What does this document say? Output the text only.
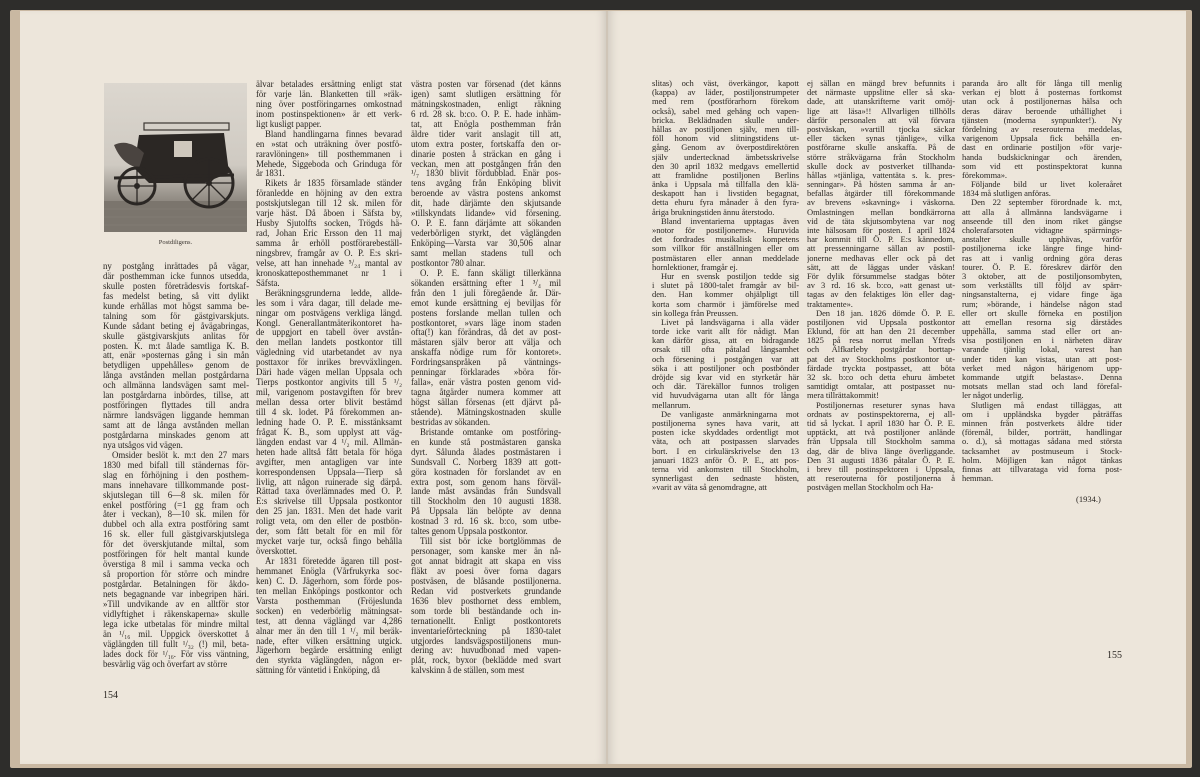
Postdiligens.
154
155
(1934.)
ny postgång inrättades på vägar,
där posthemman icke funnos utsedda,
skulle posten företrädesvis fortskaf-
fas medelst beting, så vitt dylikt
kunde erhållas mot högst samma be-
talning som för gästgivarskjuts.
Kunde sådant beting ej åvägabringas,
skulle gästgivarskjuts anlitas för
posten. K. m:t ålade samtliga K. B.
att, enär »posternas gång i sin mån
betydligen uppehålles» genom de
långa avstånden mellan postgårdarna
och allmänna landsvägen samt mel-
lan postgårdarna inbördes, tillse, att
postföringen flyttades till andra
närmre landsvägen liggande hemman
samt att de långa avstånden mellan
postgårdarna minskades genom att
nya utsågos vid vägen.
Omsider beslöt k. m:t den 27 mars
1830 med bifall till ständernas för-
slag en förhöjning i den posthem-
mans innehavare tillkommande post-
skjutslegan till 6—8 sk. milen för
enkel postföring (=1 gg fram och
åter i veckan), 8—10 sk. milen för
dubbel och alla extra postföring samt
16 sk. eller full gästgivarskjutslega
för det överskjutande miltal, som
postföringen för helt mantal kunde
överstiga 8 mil i samma vecka och
så proportion för större och mindre
postgårdar. Betalningen för åkdo-
nets begagnande var inbegripen häri.
»Till undvikande av en alltför stor
vidlyftighet i räkenskaperna» skulle
lega icke utbetalas för mindre miltal
än ¹/₁₆ mil. Uppgick överskottet å
väglängden till fullt ¹/₃₂ (!) mil, beta-
lades dock för ¹/₁₆. För viss väntning,
besvärlig väg och överfart av större
älvar betalades ersättning enligt stat
för varje län. Blanketten till »räk-
ning över postföringarnes omkostnad
inom postinspektionen» är ett verk-
ligt kusligt papper.
Bland handlingarna finnes bevarad
en »stat och uträkning över postfö-
raravlöningen» till posthemmanen i
Mehede, Siggeboda och Grinduga för
år 1831.
Rikets år 1835 församlade ständer
föranledde en höjning av den extra
postskjutslegan till 12 sk. milen för
varje häst. Då åboen i Säfsta by,
Husby Sjutolfts socken, Trögds hä-
rad, Johan Eric Ersson den 11 maj
samma år erhöll postförarebeställ-
ningsbrev, framgår av Ö. P. E:s skri-
velse, att han innehade ⁵/₂₄ mantal av
kronoskatteposthemmanet nr 1 i
Säfsta.
Beräkningsgrunderna ledde, allde-
les som i våra dagar, till delade me-
ningar om postvägens verkliga längd.
Kongl. Generallantmäterikontoret ha-
de uppgjort en tabell över avstån-
den mellan landets postkontor till
vägledning vid utarbetandet av nya
posttaxor för inrikes brevväxlingen.
Däri hade vägen mellan Uppsala och
Tierps postkontor angivits till 5 ¹/₂
mil, varigenom postavgiften för brev
mellan dessa orter blivit bestämd
till 4 sk. lodet. På förekommen an-
ledning hade Ö. P. E. misstänksamt
frågat K. B., som upplyst att väg-
längden endast var 4 ¹/₂ mil. Allmän-
heten hade alltså fått betala för höga
avgifter, men antagligen var inte
korrespondensen Uppsala—Tierp så
livlig, att någon ruinerade sig därpå.
Rättad taxa överlämnades med Ö. P.
E:s skrivelse till Uppsala postkontor
den 25 jan. 1831. Men det hade varit
roligt veta, om den eller de postbön-
der, som fått betalt för en mil för
mycket varje tur, också fingo behålla
överskottet.
År 1831 företedde ägaren till post-
hemmanet Enögla (Vårfrukyrka soc-
ken) C. D. Jägerhorn, som förde pos-
ten mellan Enköpings postkontor och
Varsta posthemman (Fröjeslunda
socken) en vederbörlig mätningsat-
test, att denna väglängd var 4,286
alnar mer än den till 1 ¹/₂ mil beräk-
nade, efter vilken ersättning utgick.
Jägerhorn begärde ersättning enligt
den styrkta väglängden, någon er-
sättning för väntetid i Enköping, då
västra posten var försenad (det känns
igen) samt slutligen ersättning för
mätningskostnaden, enligt räkning
6 rd. 28 sk. b:co. Ö. P. E. hade inhäm-
tat, att Enögla posthemman från
äldre tider varit anslagit till att,
utom extra poster, fortskaffa den or-
dinarie posten å sträckan en gång i
veckan, men att postgången från den
¹/₇ 1830 blivit fördubblad. Enär pos-
tens avgång från Enköping blivit
beroende av västra postens ankomst
dit, hade därjämte den skjutsande
»tillskyndats lidande» vid försening.
Ö. P. E. fann därjämte att sökanden
vederbörligen styrkt, det väglängden
Enköping—Varsta var 30,506 alnar
samt mellan stadens tull och
postkontor 780 alnar.
Ö. P. E. fann skäligt tillerkänna
sökanden ersättning efter 1 ³/₄ mil
från den 1 juli föregående år. Där-
emot kunde ersättning ej beviljas för
postens forslande mellan tullen och
postkontoret, »vars läge inom staden
ofta(!) kan förändras, då det av post-
mästaren själv beror att välja och
anskaffa nödige rum för kontoret».
Fordringsanspråken på väntnings-
penningar förklarades »böra för-
falla», enär västra posten genom vid-
tagna åtgärder numera kommer att
högst sällan försenas (ett djärvt på-
stående). Mätningskostnaden skulle
bestridas av sökanden.
Bristande omtanke om postföring-
en kunde stå postmästaren ganska
dyrt. Sålunda ålades postmästaren i
Sundsvall C. Norberg 1839 att gott-
göra kostnaden för forslandet av en
extra post, som genom hans förväl-
lande måst avsändas från Sundsvall
till Stockholm den 10 augusti 1838.
På Uppsala län belöpte av denna
kostnad 3 rd. 16 sk. b:co, som utbe-
taltes genom Uppsala postkontor.
Till sist bör icke bortglömmas de
personager, som kanske mer än nå-
got annat bidragit att skapa en viss
fläkt av poesi över forna dagars
postväsen, de blåsande postiljonerna.
Redan vid postverkets grundande
1636 blev posthornet dess emblem,
som torde bli beständande och in-
ternationellt. Enligt postkontorets
inventarieförteckning på 1830-talet
utgjordes landsvägspostiljonens mun-
dering av: huvudbonad med vapen-
plåt, rock, byxor (beklädde med svart
kalvskinn å de ställen, som mest
slitas) och väst, överkängor, kapott
(kappa) av läder, postiljonstrumpeter
med rem (postförarhorn förekom
också), sabel med gehäng och vapen-
bricka. Beklädnaden skulle under-
hållas av postiljonen själv, men till-
föll honom vid slitningstidens ut-
gång. Genom av överpostdirektören
själv undertecknad ämbetsskrivelse
den 30 april 1832 medgavs emellertid
att framlidne postiljonen Berlins
änka i Uppsala må tillfalla den klä-
deskapott han i livstiden begagnat,
detta ehuru fyra månader å den fyra-
åriga brukningstiden ännu återstodo.
Bland inventarierna upptagas även
»notor för postiljonerne». Huruvida
det fordrades musikalisk kompetens
som villkor för anställningen eller om
postmästaren eller annan meddelade
hornlektioner, framgår ej.
Hur en svensk postiljon tedde sig
i slutet på 1800-talet framgår av bil-
den. Han kommer ohjälpligt till
korta som charmör i jämförelse med
sin kollega från Preussen.
Livet på landsvägarna i alla väder
torde icke varit allt för nådigt. Man
kan därför gissa, att en bidragande
orsak till ofta påtalad långsamhet
och försening i postgången var att
söka i att postiljoner och postbönder
dröjde sig kvar vid en styrketår här
och där. Tärekällor funnos troligen
vid huvudvägarna utan allt för långa
mellanrum.
De vanligaste anmärkningarna mot
postiljonerna synes hava varit, att
posten icke skyddades ordentligt mot
väta, och att postpassen slarvades
bort. I en cirkulärskrivelse den 13
januari 1823 anför Ö. P. E., att pos-
terna vid ankomsten till Stockholm,
synnerligast den sednaste hösten,
»varit av väta så genomdragne, att
ej sällan en mängd brev befunnits i
det närmaste uppslitne eller så ska-
dade, att utanskrifterne varit omöj-
lige att läsa»!! Allvarligen tillhölls
därför personalen att väl förvara
postväskan, »vartill tjocka säckar
eller täcken synas tjänlige», vilka
postförarne skulle anskaffa. På de
större stråkvägarna från Stockholm
skulle dock av postverket tillhanda-
hållas »tjänliga, vattentäta s. k. pres-
senningar». På hösten samma år an-
befallas åtgärder till förekommande
av brevens »skavning» i väskorna.
Omlastningen mellan bondkärrorna
vid de täta skjutsombytena var nog
inte hälsosam för posten. I april 1824
har kommit till Ö. P. E:s kännedom,
att pressenningarne sällan av postil-
jonerne medhavas eller ock på det
sätt, att de läggas under väskan!
För dylik försummelse stadgas böter
av 3 rd. 16 sk. b:co, »att genast ut-
tagas av den felaktiges lön eller dag-
traktamente».
Den 18 jan. 1826 dömde Ö. P. E.
postiljonen vid Uppsala postkontor
Eklund, för att han den 21 december
1825 på resa norrut mellan Yfreds
och Älfkarleby postgårdar borttap-
pat det av Stockholms postkontor ut-
färdade tryckta postpasset, att böta
32 sk. b:co och detta ehuru ämbetet
samtidigt omtalar, att postpasset nu-
mera tillrättakommit!
Postiljonernas reseturer synas hava
ordnats av postinspektorerna, ej all-
tid så lyckat. I april 1830 har Ö. P. E.
upptäckt, att två postiljoner anlände
från Uppsala till Stockholm samma
dag, där de bliva länge överliggande.
Den 31 augusti 1836 påtalar Ö. P. E.
i brev till postinspektoren i Uppsala,
att reserouterna för postiljonerna å
postvägen mellan Stockholm och Ha-
paranda äro allt för långa till menlig
verkan ej blott å posternas fortkomst
utan ock å postiljonernas hälsa och
deras därav beroende uthållighet i
tjänsten (moderna synpunkter!). Ny
fördelning av reserouterna meddelas,
varigenom Uppsala fick behålla en-
dast en ordinarie postiljon »för varje-
handa budskickningar och ärenden,
som vid ett postinspektorat kunna
förekomma».
Följande bild ur livet koleraåret
1834 må slutligen anföras.
Den 22 september förordnade k. m:t,
att alla å allmänna landsvägarne i
anseende till den inom riket gängse
cholerafarsoten vidtagne spärrnings-
anstalter skulle upphävas, varför
postiljonerna icke längre finge hind-
ras att i vanlig ordning göra deras
tourer. Ö. P. E. föreskrev därför den
3 oktober, att de postiljonsombyten,
som verkställts till följd av spärr-
ningsanstalterna, ej vidare finge äga
rum; »börande, i händelse någon stad
eller ort skulle förneka en postiljon
att emellan resorna sig därstädes
uppehålla, samma stad eller ort an-
visa postiljonen en i närheten därav
varande tjänlig lokal, varest han
under tiden kan vistas, utan att post-
verket med någon härigenom upp-
kommande utgift belastas». Denna
motsats mellan stad och land förefal-
ler något underlig.
Slutligen må endast tilläggas, att
om i uppländska bygder påträffas
minnen från postverkets äldre tider
(föremål, bilder, porträtt, handlingar
o. d.), så mottagas sådana med största
tacksamhet av postmuseum i Stock-
holm. Möjligen kan något tänkas
finnas att tillvarataga vid forna post-
hemman.
